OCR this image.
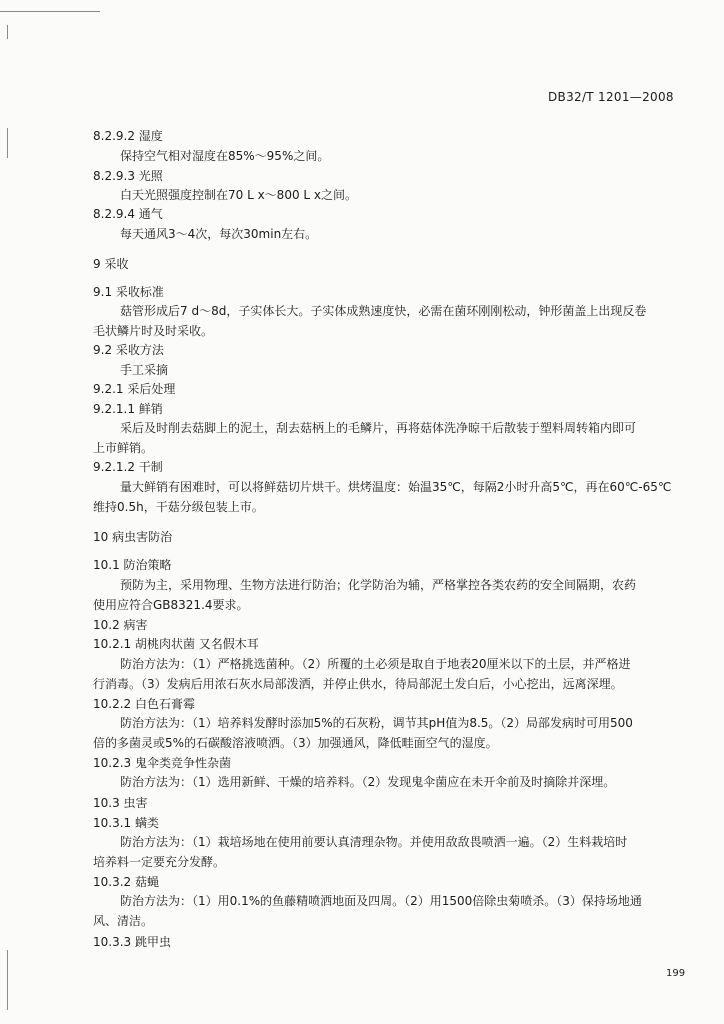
DB32/T 1201—2008
8.2.9.2 湿度
保持空气相对湿度在85%～95%之间。
8.2.9.3 光照
白天光照强度控制在70 L x～800 L x之间。
8.2.9.4 通气
每天通风3～4次，每次30min左右。
9 采收
9.1 采收标准
菇管形成后7 d～8d，子实体长大。子实体成熟速度快，必需在菌环刚刚松动，钟形菌盖上出现反卷
毛状鳞片时及时采收。
9.2 采收方法
手工采摘
9.2.1 采后处理
9.2.1.1 鲜销
采后及时削去菇脚上的泥土，刮去菇柄上的毛鳞片，再将菇体洗净晾干后散装于塑料周转箱内即可
上市鲜销。
9.2.1.2 干制
量大鲜销有困难时，可以将鲜菇切片烘干。烘烤温度：始温35℃，每隔2小时升高5℃，再在60℃-65℃
维持0.5h，干菇分级包装上市。
10 病虫害防治
10.1 防治策略
预防为主，采用物理、生物方法进行防治；化学防治为辅，严格掌控各类农药的安全间隔期，农药
使用应符合GB8321.4要求。
10.2 病害
10.2.1 胡桃肉状菌 又名假木耳
防治方法为：（1）严格挑选菌种。（2）所覆的土必须是取自于地表20厘米以下的土层，并严格进
行消毒。（3）发病后用浓石灰水局部泼洒，并停止供水，待局部泥土发白后，小心挖出，远离深埋。
10.2.2 白色石膏霉
防治方法为：（1）培养料发酵时添加5%的石灰粉，调节其pH值为8.5。（2）局部发病时可用500
倍的多菌灵或5%的石碳酸溶液喷洒。（3）加强通风，降低畦面空气的湿度。
10.2.3 鬼伞类竞争性杂菌
防治方法为：（1）选用新鲜、干燥的培养料。（2）发现鬼伞菌应在未开伞前及时摘除并深埋。
10.3 虫害
10.3.1 螨类
防治方法为：（1）栽培场地在使用前要认真清理杂物。并使用敌敌畏喷洒一遍。（2）生料栽培时
培养料一定要充分发酵。
10.3.2 菇蝇
防治方法为：（1）用0.1%的鱼藤精喷洒地面及四周。（2）用1500倍除虫菊喷杀。（3）保持场地通
风、清洁。
10.3.3 跳甲虫
199
